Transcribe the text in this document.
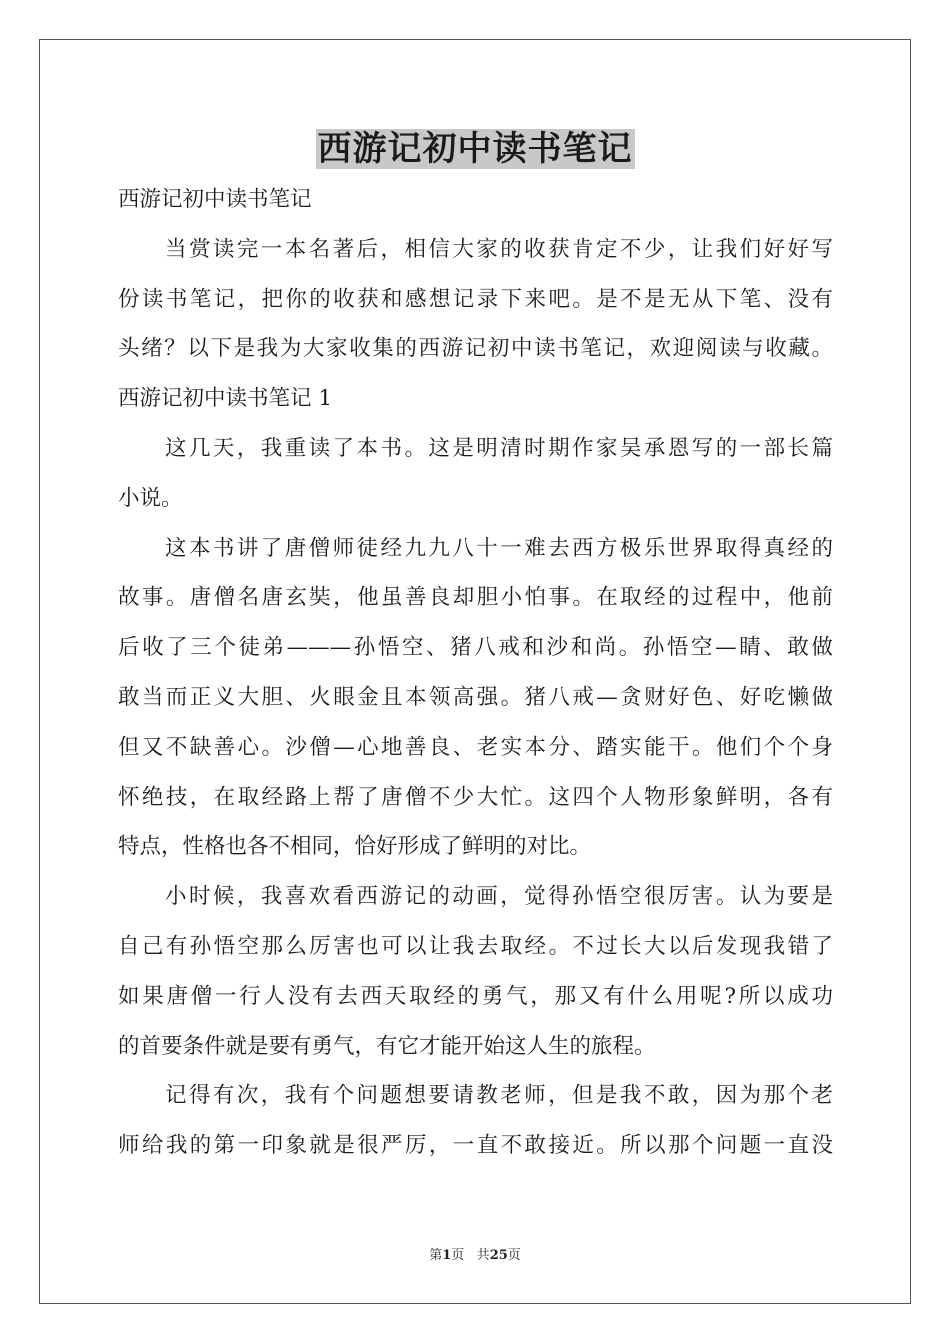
西游记初中读书笔记
西游记初中读书笔记
当赏读完一本名著后，相信大家的收获肯定不少，让我们好好写
份读书笔记，把你的收获和感想记录下来吧。是不是无从下笔、没有
头绪？以下是我为大家收集的西游记初中读书笔记，欢迎阅读与收藏。
西游记初中读书笔记 1
这几天，我重读了本书。这是明清时期作家吴承恩写的一部长篇
小说。
这本书讲了唐僧师徒经九九八十一难去西方极乐世界取得真经的
故事。唐僧名唐玄奘，他虽善良却胆小怕事。在取经的过程中，他前
后收了三个徒弟———孙悟空、猪八戒和沙和尚。孙悟空—睛、敢做
敢当而正义大胆、火眼金且本领高强。猪八戒—贪财好色、好吃懒做
但又不缺善心。沙僧—心地善良、老实本分、踏实能干。他们个个身
怀绝技，在取经路上帮了唐僧不少大忙。这四个人物形象鲜明，各有
特点，性格也各不相同，恰好形成了鲜明的对比。
小时候，我喜欢看西游记的动画，觉得孙悟空很厉害。认为要是
自己有孙悟空那么厉害也可以让我去取经。不过长大以后发现我错了
如果唐僧一行人没有去西天取经的勇气，那又有什么用呢?所以成功
的首要条件就是要有勇气，有它才能开始这人生的旅程。
记得有次，我有个问题想要请教老师，但是我不敢，因为那个老
师给我的第一印象就是很严厉，一直不敢接近。所以那个问题一直没
第1页 共25页
